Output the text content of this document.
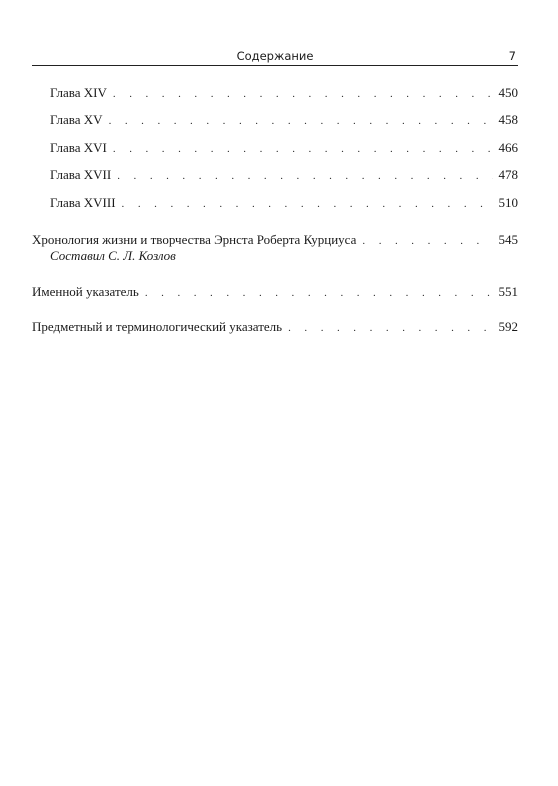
Содержание	7
Глава XIV . . .	450
Глава XV . . .	458
Глава XVI . . .	466
Глава XVII . . .	478
Глава XVIII . . .	510
Хронология жизни и творчества Эрнста Роберта Курциуса . . .	545
Составил С. Л. Козлов
Именной указатель . . .	551
Предметный и терминологический указатель . . .	592
